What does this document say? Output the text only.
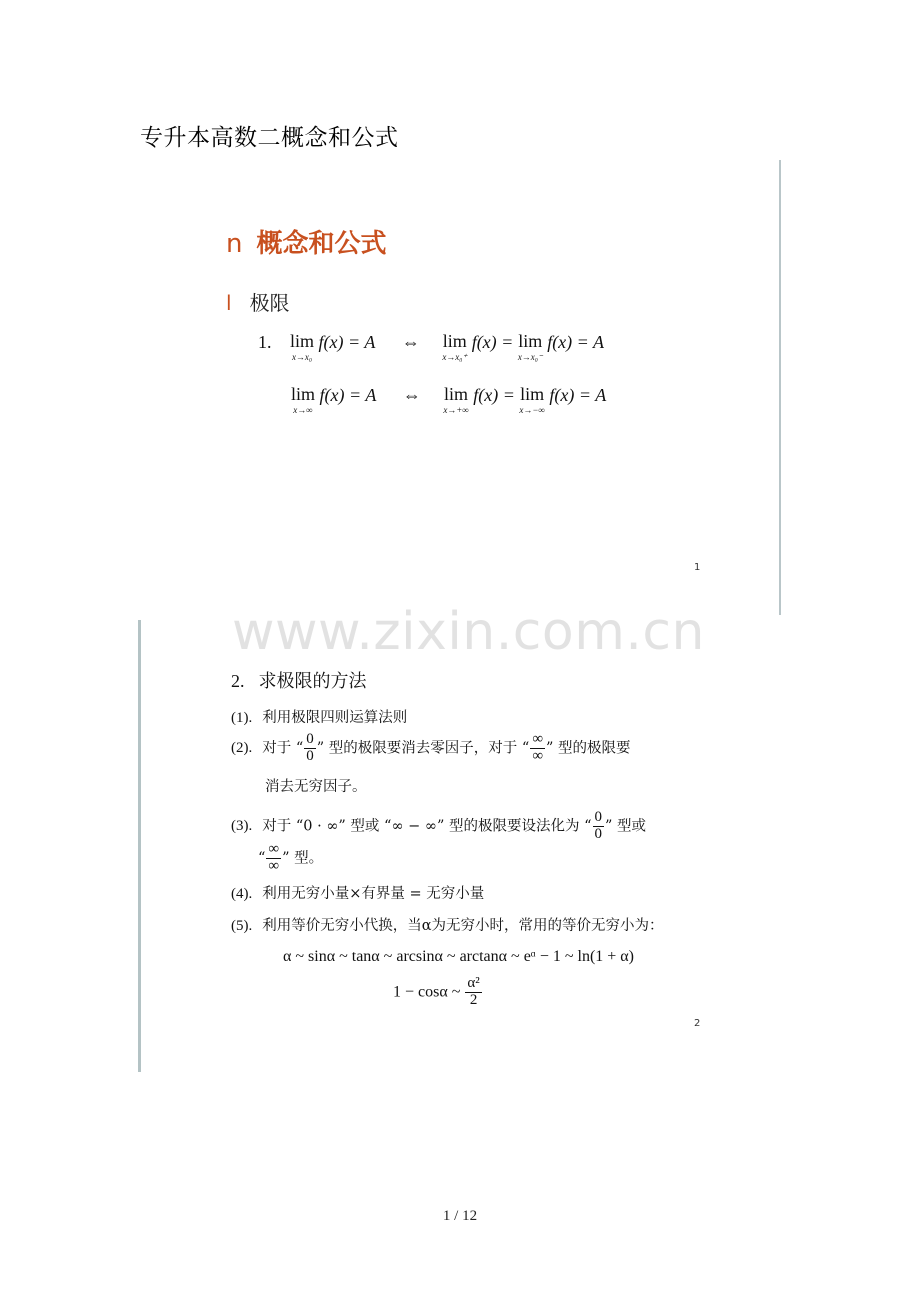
专升本高数二概念和公式
n 概念和公式
l 极限
1. lim
x→x₀
f(x) = A ⇔ lim
x→x₀⁺
f(x) = lim
x→x₀⁻
f(x) = A
lim
x→∞
f(x) = A ⇔ lim
x→+∞
f(x) = lim
x→−∞
f(x) = A
1
www.zixin.com.cn
2. 求极限的方法
(1). 利用极限四则运算法则
(2). 对于 “ $\frac{0}{0}$ ” 型的极限要消去零因子，对于 “ $\frac{\infty}{\infty}$ ” 型的极限要
消去无穷因子。
(3). 对于 “0 · ∞” 型或 “∞ − ∞” 型的极限要设法化为 “ $\frac{0}{0}$ ” 型或
“ $\frac{\infty}{\infty}$ ” 型。
(4). 利用无穷小量×有界量 = 无穷小量
(5). 利用等价无穷小代换，当α为无穷小时，常用的等价无穷小为：
α ~ sinα ~ tanα ~ arcsinα ~ arctanα ~ eᵅ − 1 ~ ln(1 + α)
1 − cosα ~ $\frac{\text{α²}}{2}$
2
1 / 12
